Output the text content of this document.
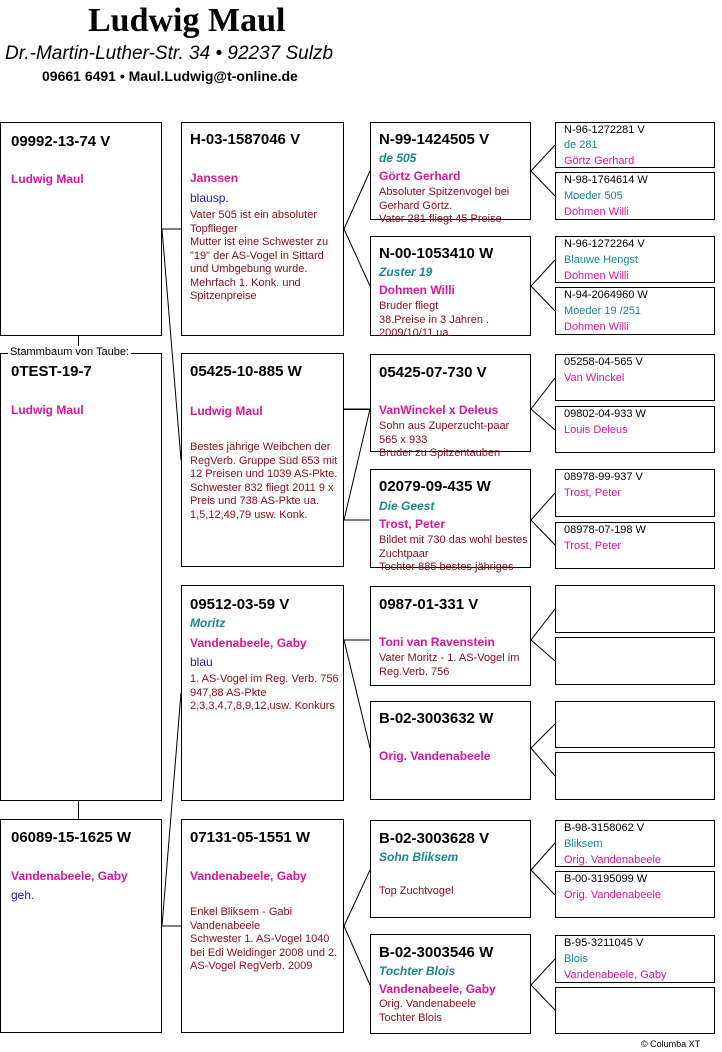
Ludwig Maul
Dr.-Martin-Luther-Str. 34 • 92237 Sulzb
09661 6491 • Maul.Ludwig@t-online.de
09992-13-74 V
Ludwig Maul
0TEST-19-7
Ludwig Maul
Stammbaum von Taube:
06089-15-1625 W
Vandenabeele, Gaby
geh.
H-03-1587046 V
Janssen
blausp.
Vater 505 ist ein absoluter Topflieger
Mutter ist eine Schwester zu "19" der AS-Vogel in Sittard und Umbgebung wurde.
Mehrfach 1. Konk. und Spitzenpreise
05425-10-885 W
Ludwig Maul
Bestes jährige Weibchen der RegVerb. Gruppe Süd 653 mit 12 Preisen und 1039 AS-Pkte.
Schwester 832 fliegt 2011 9 x Preis und 738 AS-Pkte ua. 1,5,12,49,79 usw. Konk.
09512-03-59 V
Moritz
Vandenabeele, Gaby
blau
1. AS-Vogel im Reg. Verb. 756
947,88 AS-Pkte
2,3,3,4,7,8,9,12,usw. Konkurs
07131-05-1551 W
Vandenabeele, Gaby
Enkel Bliksem - Gabi Vandenabeele
Schwester 1. AS-Vogel 1040 bei Edi Weidinger 2008 und 2. AS-Vogel RegVerb. 2009
N-99-1424505 V
de 505
Görtz Gerhard
Absoluter Spitzenvogel bei Gerhard Görtz.
Vater 281 fliegt 45 Preise
N-00-1053410 W
Zuster 19
Dohmen Willi
Bruder fliegt
38.Preise in 3 Jahren .
2009/10/11 ua.
05425-07-730 V
VanWinckel x Deleus
Sohn aus Zuperzucht-paar 565 x 933
Bruder zu Spitzentauben
02079-09-435 W
Die Geest
Trost, Peter
Bildet mit 730 das wohl bestes Zuchtpaar
Tochter 885 bestes jähriges
0987-01-331 V
Toni van Ravenstein
Vater Moritz - 1. AS-Vogel im Reg.Verb. 756
B-02-3003632 W
Orig. Vandenabeele
B-02-3003628 V
Sohn Bliksem
Top Zuchtvogel
B-02-3003546 W
Tochter Blois
Vandenabeele, Gaby
Orig. Vandenabeele
Tochter Blois
N-96-1272281 V
de 281
Görtz Gerhard
N-98-1764614 W
Moeder 505
Dohmen Willi
N-96-1272264 V
Blauwe Hengst
Dohmen Willi
N-94-2064960 W
Moeder 19 /251
Dohmen Willi
05258-04-565 V
Van Winckel
09802-04-933 W
Louis Deleus
08978-99-937 V
Trost, Peter
08978-07-198 W
Trost, Peter
B-98-3158062 V
Bliksem
Orig. Vandenabeele
B-00-3195099 W
Orig. Vandenabeele
B-95-3211045 V
Blois
Vandenabeele, Gaby
© Columba XT
